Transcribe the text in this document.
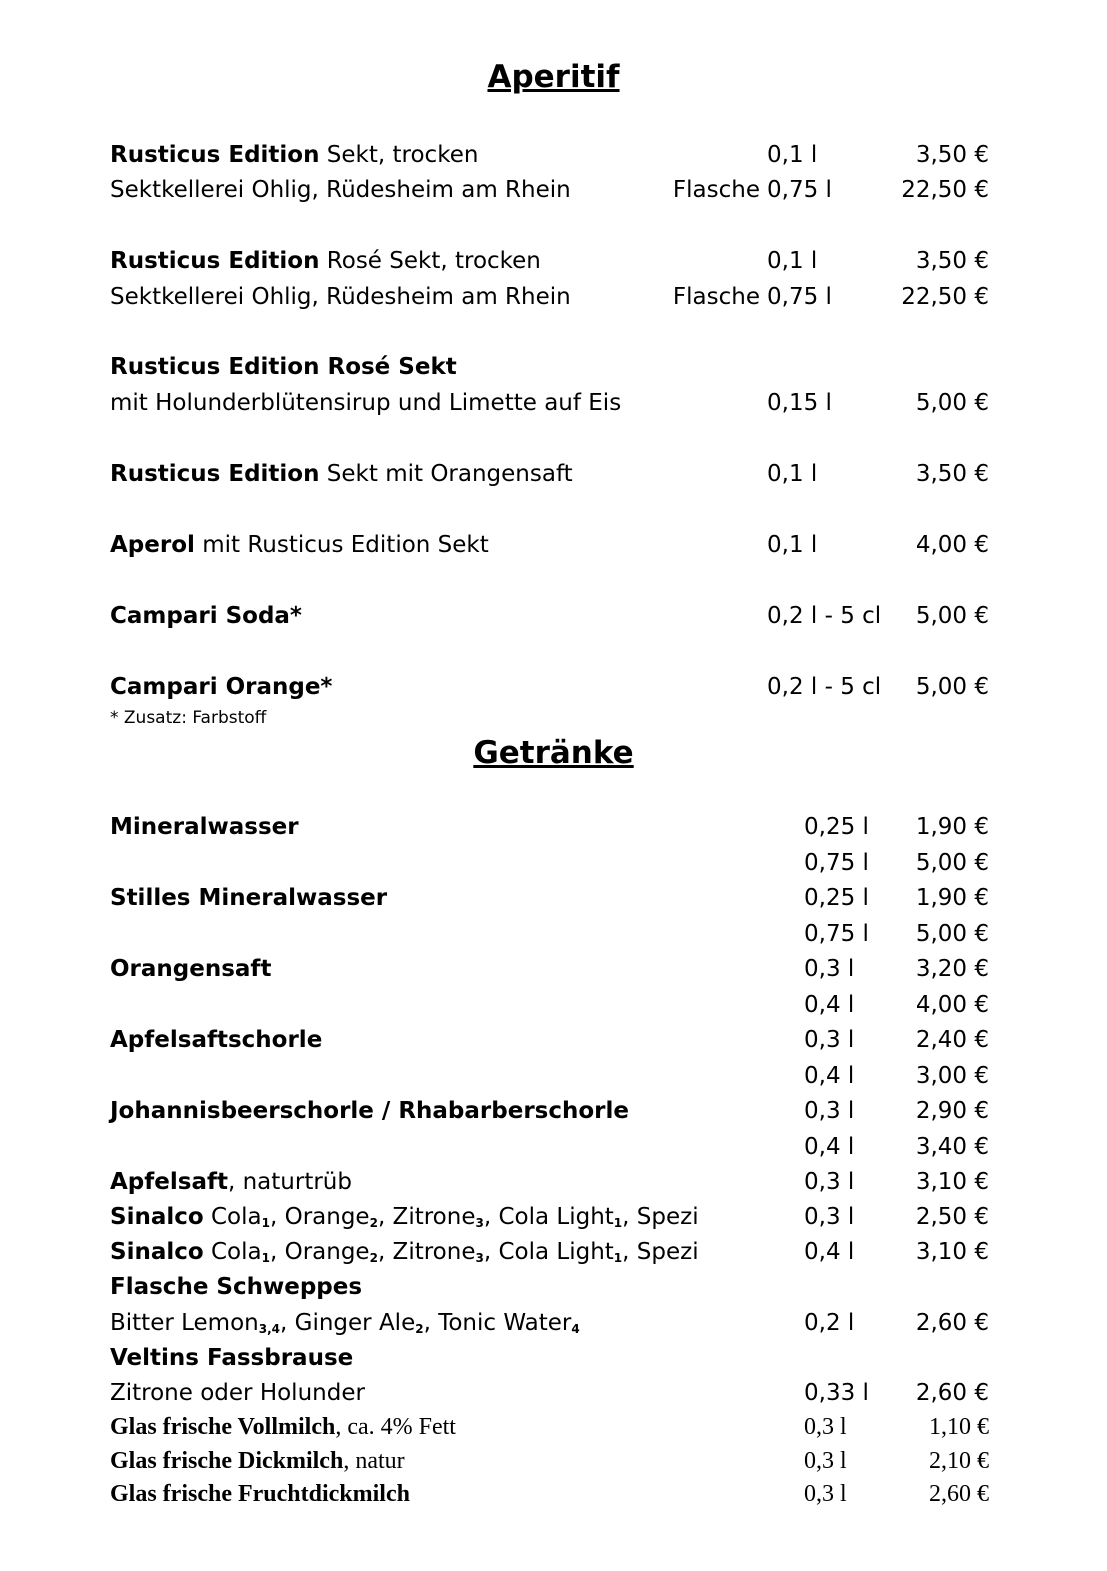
Aperitif
Rusticus Edition Sekt, trocken	0,1 l	3,50 €
Sektkellerei Ohlig, Rüdesheim am Rhein	Flasche 0,75 l	22,50 €
Rusticus Edition Rosé Sekt, trocken	0,1 l	3,50 €
Sektkellerei Ohlig, Rüdesheim am Rhein	Flasche 0,75 l	22,50 €
Rusticus Edition Rosé Sekt
mit Holunderblütensirup und Limette auf Eis	0,15 l	5,00 €
Rusticus Edition Sekt mit Orangensaft	0,1 l	3,50 €
Aperol mit Rusticus Edition Sekt	0,1 l	4,00 €
Campari Soda*	0,2 l - 5 cl 5,00 €
Campari Orange*	0,2 l - 5 cl 5,00 €
* Zusatz: Farbstoff
Getränke
Mineralwasser	0,25 l 1,90 €
0,75 l 5,00 €
Stilles Mineralwasser	0,25 l 1,90 €
0,75 l 5,00 €
Orangensaft	0,3 l	3,20 €
0,4 l	4,00 €
Apfelsaftschorle	0,3 l	2,40 €
0,4 l	3,00 €
Johannisbeerschorle / Rhabarberschorle	0,3 l	2,90 €
0,4 l	3,40 €
Apfelsaft, naturtrüb	0,3 l	3,10 €
Sinalco Cola$_1$, Orange$_2$, Zitrone$_3$, Cola Light$_1$, Spezi	0,3 l	2,50 €
Sinalco Cola$_1$, Orange$_2$, Zitrone$_3$, Cola Light$_1$, Spezi	0,4 l	3,10 €
Flasche Schweppes
Bitter Lemon$_{3,4}$, Ginger Ale$_2$, Tonic Water$_4$	0,2 l	2,60 €
Veltins Fassbrause
Zitrone oder Holunder	0,33 l 2,60 €
Glas frische Vollmilch, ca. 4% Fett	0,3 l	1,10 €
Glas frische Dickmilch, natur	0,3 l	2,10 €
Glas frische Fruchtdickmilch	0,3 l	2,60 €
